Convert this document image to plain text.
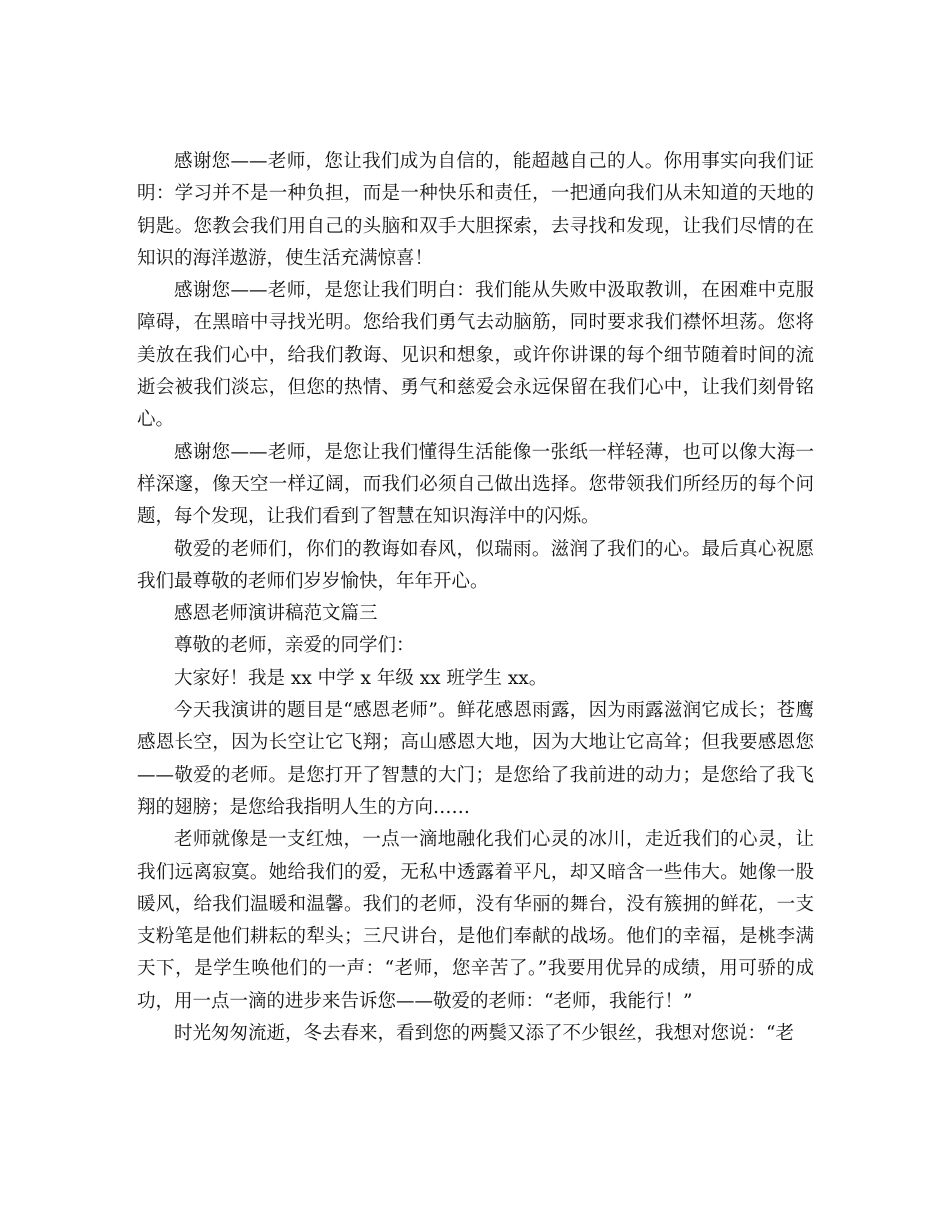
感谢您——老师，您让我们成为自信的，能超越自己的人。你用事实向我们证明：学习并不是一种负担，而是一种快乐和责任，一把通向我们从未知道的天地的钥匙。您教会我们用自己的头脑和双手大胆探索，去寻找和发现，让我们尽情的在知识的海洋遨游，使生活充满惊喜！

感谢您——老师，是您让我们明白：我们能从失败中汲取教训，在困难中克服障碍，在黑暗中寻找光明。您给我们勇气去动脑筋，同时要求我们襟怀坦荡。您将美放在我们心中，给我们教诲、见识和想象，或许你讲课的每个细节随着时间的流逝会被我们淡忘，但您的热情、勇气和慈爱会永远保留在我们心中，让我们刻骨铭心。

感谢您——老师，是您让我们懂得生活能像一张纸一样轻薄，也可以像大海一样深邃，像天空一样辽阔，而我们必须自己做出选择。您带领我们所经历的每个问题，每个发现，让我们看到了智慧在知识海洋中的闪烁。

敬爱的老师们，你们的教诲如春风，似瑞雨。滋润了我们的心。最后真心祝愿我们最尊敬的老师们岁岁愉快，年年开心。

感恩老师演讲稿范文篇三

尊敬的老师，亲爱的同学们：

大家好！我是 xx 中学 x 年级 xx 班学生 xx。

今天我演讲的题目是“感恩老师”。鲜花感恩雨露，因为雨露滋润它成长；苍鹰感恩长空，因为长空让它飞翔；高山感恩大地，因为大地让它高耸；但我要感恩您——敬爱的老师。是您打开了智慧的大门；是您给了我前进的动力；是您给了我飞翔的翅膀；是您给我指明人生的方向……

老师就像是一支红烛，一点一滴地融化我们心灵的冰川，走近我们的心灵，让我们远离寂寞。她给我们的爱，无私中透露着平凡，却又暗含一些伟大。她像一股暖风，给我们温暖和温馨。我们的老师，没有华丽的舞台，没有簇拥的鲜花，一支支粉笔是他们耕耘的犁头；三尺讲台，是他们奉献的战场。他们的幸福，是桃李满天下，是学生唤他们的一声：“老师，您辛苦了。”我要用优异的成绩，用可骄的成功，用一点一滴的进步来告诉您——敬爱的老师：“老师，我能行！”

时光匆匆流逝，冬去春来，看到您的两鬓又添了不少银丝，我想对您说：“老
